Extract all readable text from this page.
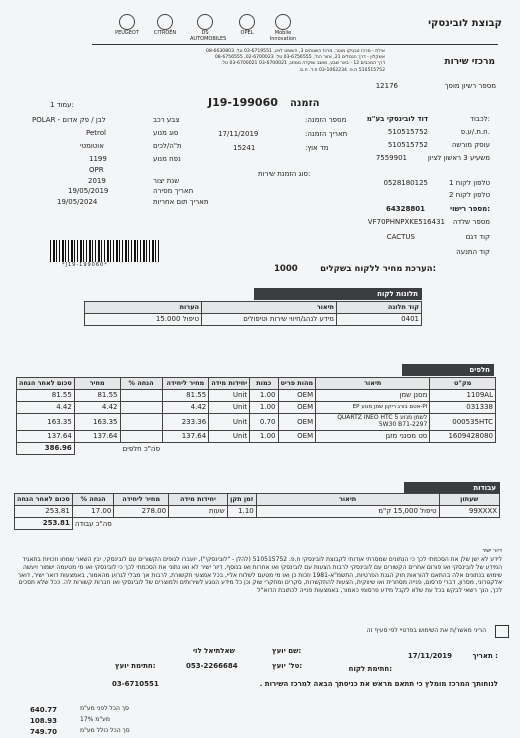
PEUGEOT	CITROËN	DS AUTOMOBILES
OPEL	Mobile Innovation
קבוצת לובינסקי
אילת - מרכז טכניקו מוטר, מרכז השטחים 3, השופט לויט, 03-6719551 טל. 08-6630803
אשקלון - דרך הנמלים 21, אזור הת', 03-6756555 טל. 02-6700023, 08-6756555
דרך המכבים 12 - באר שבע, מושב שוקדה ממוזג, 03-6700021 03-6700021 טל.
510515752 ח.פ. 03-1062234 ת.ד. ח.ס.
מרכזי שירות
מספר רשיון מוסך
12176
J19-199060 הזמנה
1 עמוד:
לכבוד:
דוד לובינסקי בע"מ
ח.ת./ע.פ.
510515752
עוסק מורשה
510515752
משעיע 3 ראשון לציון
7559901
מספר הזמנה:
תאריך הזמנה:
17/11/2019
מד אוץ:
15241
סוג הזמנת שירות:
צבע רכב
POLAR - לבן / פק אדום
סוג מנוע
Petrol
ת"ה/לכים
אוטומטי
נפח מנוע
1199
OPR
שנת יצור
2019
תאריך מסירה
19/05/2019
תאריך תום אחריות
19/05/2024
טלפון לקוח 1
0528180125
טלפון לקוח 2
מספר רישוי:
64328801
מספר שלדה
VF70PHNPXKE516431
קוד דגם
CACTUS
קוד התנעה
*J19-199060*	הערכת מחיר ללקוח בשקלים:
1000
תלונות לקוח
קוד תלונה	תיאור	הערות
0401	מידע לנהג/חיווי שירות וטיפולים	טיפול 15.000
חלפים
מק"ט	תיאור	מהות פריט	כמות	יחידות מידה	מחיר ליחידה	הנחה %	מחיר	סכום לאחר הנחה
1109AL	מסנן שמן	OEM	1.00	Unit	81.55		81.55	81.55
031338	PI-אטם בורג ריקון שמן מנוע EP	OEM	1.00	Unit	4.42		4.42	4.42
000535HTC	לשמן מנוע 5 QUARTZ INEO HTC 5W30 B71-2297	OEM	0.70	Unit	233.36		163.35	163.35
1609428080	סט מסנני מזגן	OEM	1.00	Unit	137.64		137.64	137.64
						סה"כ חלפים		386.96
עבודות
שעתון	תיאור	זמן תקן	יחידות מידה	מחיר ליחידה	הנחה %	סכום לאחר הנחה
99XXXX	טיפול 15,000 ק"מ	1.10	שעות	278.00	17.00	253.81
					סה"כ עבודה	253.81
דיור ישיר
לידע לא ישן שלן את הסכמתי לכך כי הנתונים שמסרתי אודותי לקבוצת לובינסקי ח.פ. 510515752 (להלן - "לובינסקי"), יועברו לגופים הקשורים עם לובינסקי, יבין השאר שמחו וזכויות בתאגיד המידע של לובינסקי ואו פורום אחרים הקשורים עם לובינסקי לרבות הצעות עם לובינסקי ואו אחרות ואו בנוסף, דיור ישיר לא ואו נתוני את הסכמתי לכך כי לובינסקי ואו מי מטעמה ישמור ויעשה שימוש בנתונים אלה בהתאם להוראות חוק הגנת הפרטיות, התשמ"א-1981 וזכות כן ואו מי מטעם לשלוח אליי, בכל אמצעי תקשורת, לרבות אך מבלי לגרוע מהאמור, באמצעות דואר ישיר, דואר אלקטרוני, מסרון, דברי פרסום, פנייה מסחרית ואו שיווקית, הצעות להתקשרות, סקרים ומחקרי שוק וכן כל מידע הנוגע לשירותים ולמוצרים של לובינסקי ואו חברות קשורות לה. ככל שלא תסכים לכך, הנך רשאי לבקש בכל עת שלא לקבל מידע פרסומי כאמור, באמצעות פנייה לכתובת הדוא"ל
הריני מאשר/ת את השימוש בפרטיי לפי סעיף זה
תאריך :
17/11/2019
חתימת לקוח:
שם יועץ:
שאלתיאל לוי
טל' יועץ:
053-2266684
חתימת יועץ:
03-6710551	לנוחותך המרכז מומלץ כי תתאם מראש את כניסתך הבאה למרכז השירות .
640.77	סך הכל לפני מע"מ
108.93	מע"מ 17%
749.70	סך הכל כולל מע"מ
